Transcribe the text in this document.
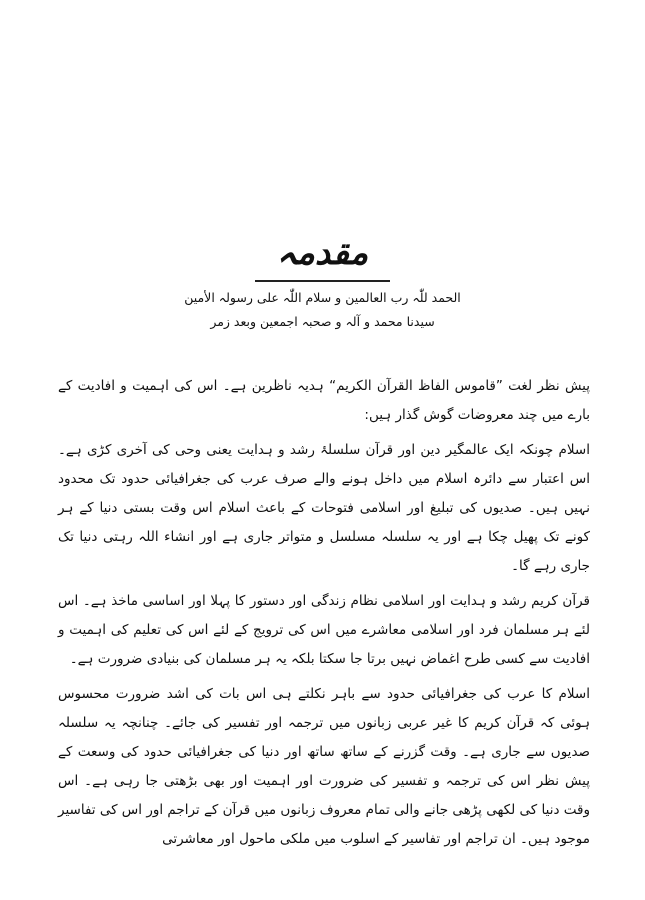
مقدمہ
الحمد للّٰہ رب العالمین و سلام اللّٰہ علی رسولہ الأمین
سیدنا محمد و آلہ و صحبہ اجمعین وبعد زمر

پیش نظر لغت ”قاموس الفاظ القرآن الکریم“ ہدیہ ناظرین ہے۔ اس کی اہمیت و افادیت کے بارے میں چند معروضات گوش گذار ہیں:

اسلام چونکہ ایک عالمگیر دین اور قرآن سلسلۂ رشد و ہدایت یعنی وحی کی آخری کڑی ہے۔ اس اعتبار سے دائرہ اسلام میں داخل ہونے والے صرف عرب کی جغرافیائی حدود تک محدود نہیں ہیں۔ صدیوں کی تبلیغ اور اسلامی فتوحات کے باعث اسلام اس وقت بستی دنیا کے ہر کونے تک پھیل چکا ہے اور یہ سلسلہ مسلسل و متواتر جاری ہے اور انشاء اللہ رہتی دنیا تک جاری رہے گا۔

قرآن کریم رشد و ہدایت اور اسلامی نظام زندگی اور دستور کا پہلا اور اساسی ماخذ ہے۔ اس لئے ہر مسلمان فرد اور اسلامی معاشرے میں اس کی ترویج کے لئے اس کی تعلیم کی اہمیت و افادیت سے کسی طرح اغماض نہیں برتا جا سکتا بلکہ یہ ہر مسلمان کی بنیادی ضرورت ہے۔

اسلام کا عرب کی جغرافیائی حدود سے باہر نکلتے ہی اس بات کی اشد ضرورت محسوس ہوئی کہ قرآن کریم کا غیر عربی زبانوں میں ترجمہ اور تفسیر کی جائے۔ چنانچہ یہ سلسلہ صدیوں سے جاری ہے۔ وقت گزرنے کے ساتھ ساتھ اور دنیا کی جغرافیائی حدود کی وسعت کے پیش نظر اس کی ترجمہ و تفسیر کی ضرورت اور اہمیت اور بھی بڑھتی جا رہی ہے۔ اس وقت دنیا کی لکھی پڑھی جانے والی تمام معروف زبانوں میں قرآن کے تراجم اور اس کی تفاسیر موجود ہیں۔ ان تراجم اور تفاسیر کے اسلوب میں ملکی ماحول اور معاشرتی
